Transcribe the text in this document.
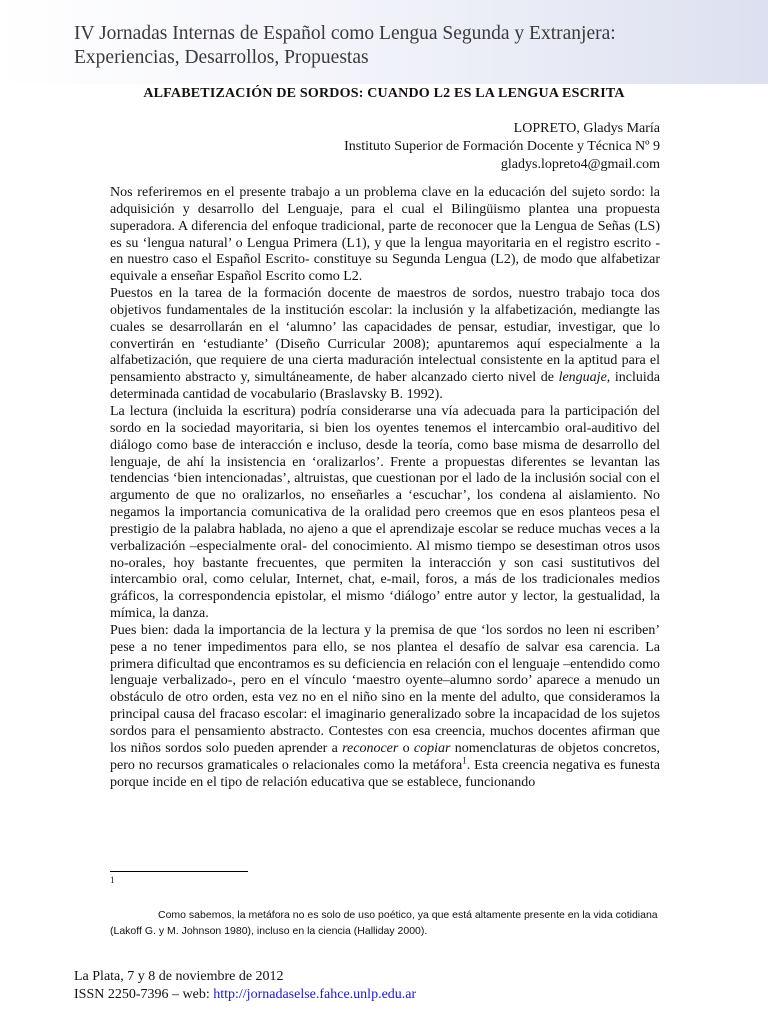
IV Jornadas Internas de Español como Lengua Segunda y Extranjera:
Experiencias, Desarrollos, Propuestas
ALFABETIZACIÓN DE SORDOS: CUANDO L2 ES LA LENGUA ESCRITA
LOPRETO, Gladys María
Instituto Superior de Formación Docente y Técnica Nº 9
gladys.lopreto4@gmail.com

Nos referiremos en el presente trabajo a un problema clave en la educación del sujeto sordo: la adquisición y desarrollo del Lenguaje, para el cual el Bilingüismo plantea una propuesta superadora. A diferencia del enfoque tradicional, parte de reconocer que la Lengua de Señas (LS) es su ‘lengua natural’ o Lengua Primera (L1), y que la lengua mayoritaria en el registro escrito -en nuestro caso el Español Escrito- constituye su Segunda Lengua (L2), de modo que alfabetizar equivale a enseñar Español Escrito como L2.

Puestos en la tarea de la formación docente de maestros de sordos, nuestro trabajo toca dos objetivos fundamentales de la institución escolar: la inclusión y la alfabetización, mediangte las cuales se desarrollarán en el ‘alumno’ las capacidades de pensar, estudiar, investigar, que lo convertirán en ‘estudiante’ (Diseño Curricular 2008); apuntaremos aquí especialmente a la alfabetización, que requiere de una cierta maduración intelectual consistente en la aptitud para el pensamiento abstracto y, simultáneamente, de haber alcanzado cierto nivel de lenguaje, incluida determinada cantidad de vocabulario (Braslavsky B. 1992).

La lectura (incluida la escritura) podría considerarse una vía adecuada para la participación del sordo en la sociedad mayoritaria, si bien los oyentes tenemos el intercambio oral-auditivo del diálogo como base de interacción e incluso, desde la teoría, como base misma de desarrollo del lenguaje, de ahí la insistencia en ‘oralizarlos’. Frente a propuestas diferentes se levantan las tendencias ‘bien intencionadas’, altruistas, que cuestionan por el lado de la inclusión social con el argumento de que no oralizarlos, no enseñarles a ‘escuchar’, los condena al aislamiento. No negamos la importancia comunicativa de la oralidad pero creemos que en esos planteos pesa el prestigio de la palabra hablada, no ajeno a que el aprendizaje escolar se reduce muchas veces a la verbalización –especialmente oral- del conocimiento. Al mismo tiempo se desestiman otros usos no-orales, hoy bastante frecuentes, que permiten la interacción y son casi sustitutivos del intercambio oral, como celular, Internet, chat, e-mail, foros, a más de los tradicionales medios gráficos, la correspondencia epistolar, el mismo ‘diálogo’ entre autor y lector, la gestualidad, la mímica, la danza.

Pues bien: dada la importancia de la lectura y la premisa de que ‘los sordos no leen ni escriben’ pese a no tener impedimentos para ello, se nos plantea el desafío de salvar esa carencia. La primera dificultad que encontramos es su deficiencia en relación con el lenguaje –entendido como lenguaje verbalizado-, pero en el vínculo ‘maestro oyente–alumno sordo’ aparece a menudo un obstáculo de otro orden, esta vez no en el niño sino en la mente del adulto, que consideramos la principal causa del fracaso escolar: el imaginario generalizado sobre la incapacidad de los sujetos sordos para el pensamiento abstracto. Contestes con esa creencia, muchos docentes afirman que los niños sordos solo pueden aprender a reconocer o copiar nomenclaturas de objetos concretos, pero no recursos gramaticales o relacionales como la metáfora$^1$. Esta creencia negativa es funesta porque incide en el tipo de relación educativa que se establece, funcionando

1
Como sabemos, la metáfora no es solo de uso poético, ya que está altamente presente en la vida cotidiana (Lakoff G. y M. Johnson 1980), incluso en la ciencia (Halliday 2000).
La Plata, 7 y 8 de noviembre de 2012
ISSN 2250-7396 – web: http://jornadaselse.fahce.unlp.edu.ar
